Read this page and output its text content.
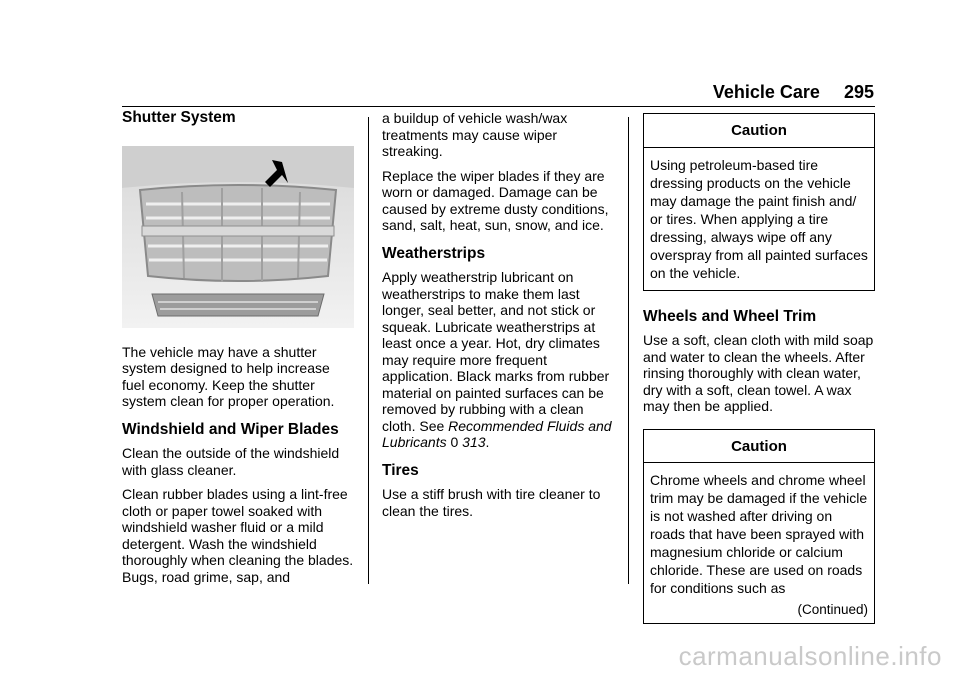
Vehicle Care 295
Shutter System

The vehicle may have a shutter system designed to help increase fuel economy. Keep the shutter system clean for proper operation.

Windshield and Wiper Blades

Clean the outside of the windshield with glass cleaner.

Clean rubber blades using a lint-free cloth or paper towel soaked with windshield washer fluid or a mild detergent. Wash the windshield thoroughly when cleaning the blades. Bugs, road grime, sap, and

a buildup of vehicle wash/wax treatments may cause wiper streaking.

Replace the wiper blades if they are worn or damaged. Damage can be caused by extreme dusty conditions, sand, salt, heat, sun, snow, and ice.

Weatherstrips

Apply weatherstrip lubricant on weatherstrips to make them last longer, seal better, and not stick or squeak. Lubricate weatherstrips at least once a year. Hot, dry climates may require more frequent application. Black marks from rubber material on painted surfaces can be removed by rubbing with a clean cloth. See Recommended Fluids and Lubricants 0 313.

Tires

Use a stiff brush with tire cleaner to clean the tires.

Caution
Using petroleum-based tire dressing products on the vehicle may damage the paint finish and/ or tires. When applying a tire dressing, always wipe off any overspray from all painted surfaces on the vehicle.
Wheels and Wheel Trim

Use a soft, clean cloth with mild soap and water to clean the wheels. After rinsing thoroughly with clean water, dry with a soft, clean towel. A wax may then be applied.

Caution
Chrome wheels and chrome wheel trim may be damaged if the vehicle is not washed after driving on roads that have been sprayed with magnesium chloride or calcium chloride. These are used on roads for conditions such as
(Continued)
carmanualsonline.info
